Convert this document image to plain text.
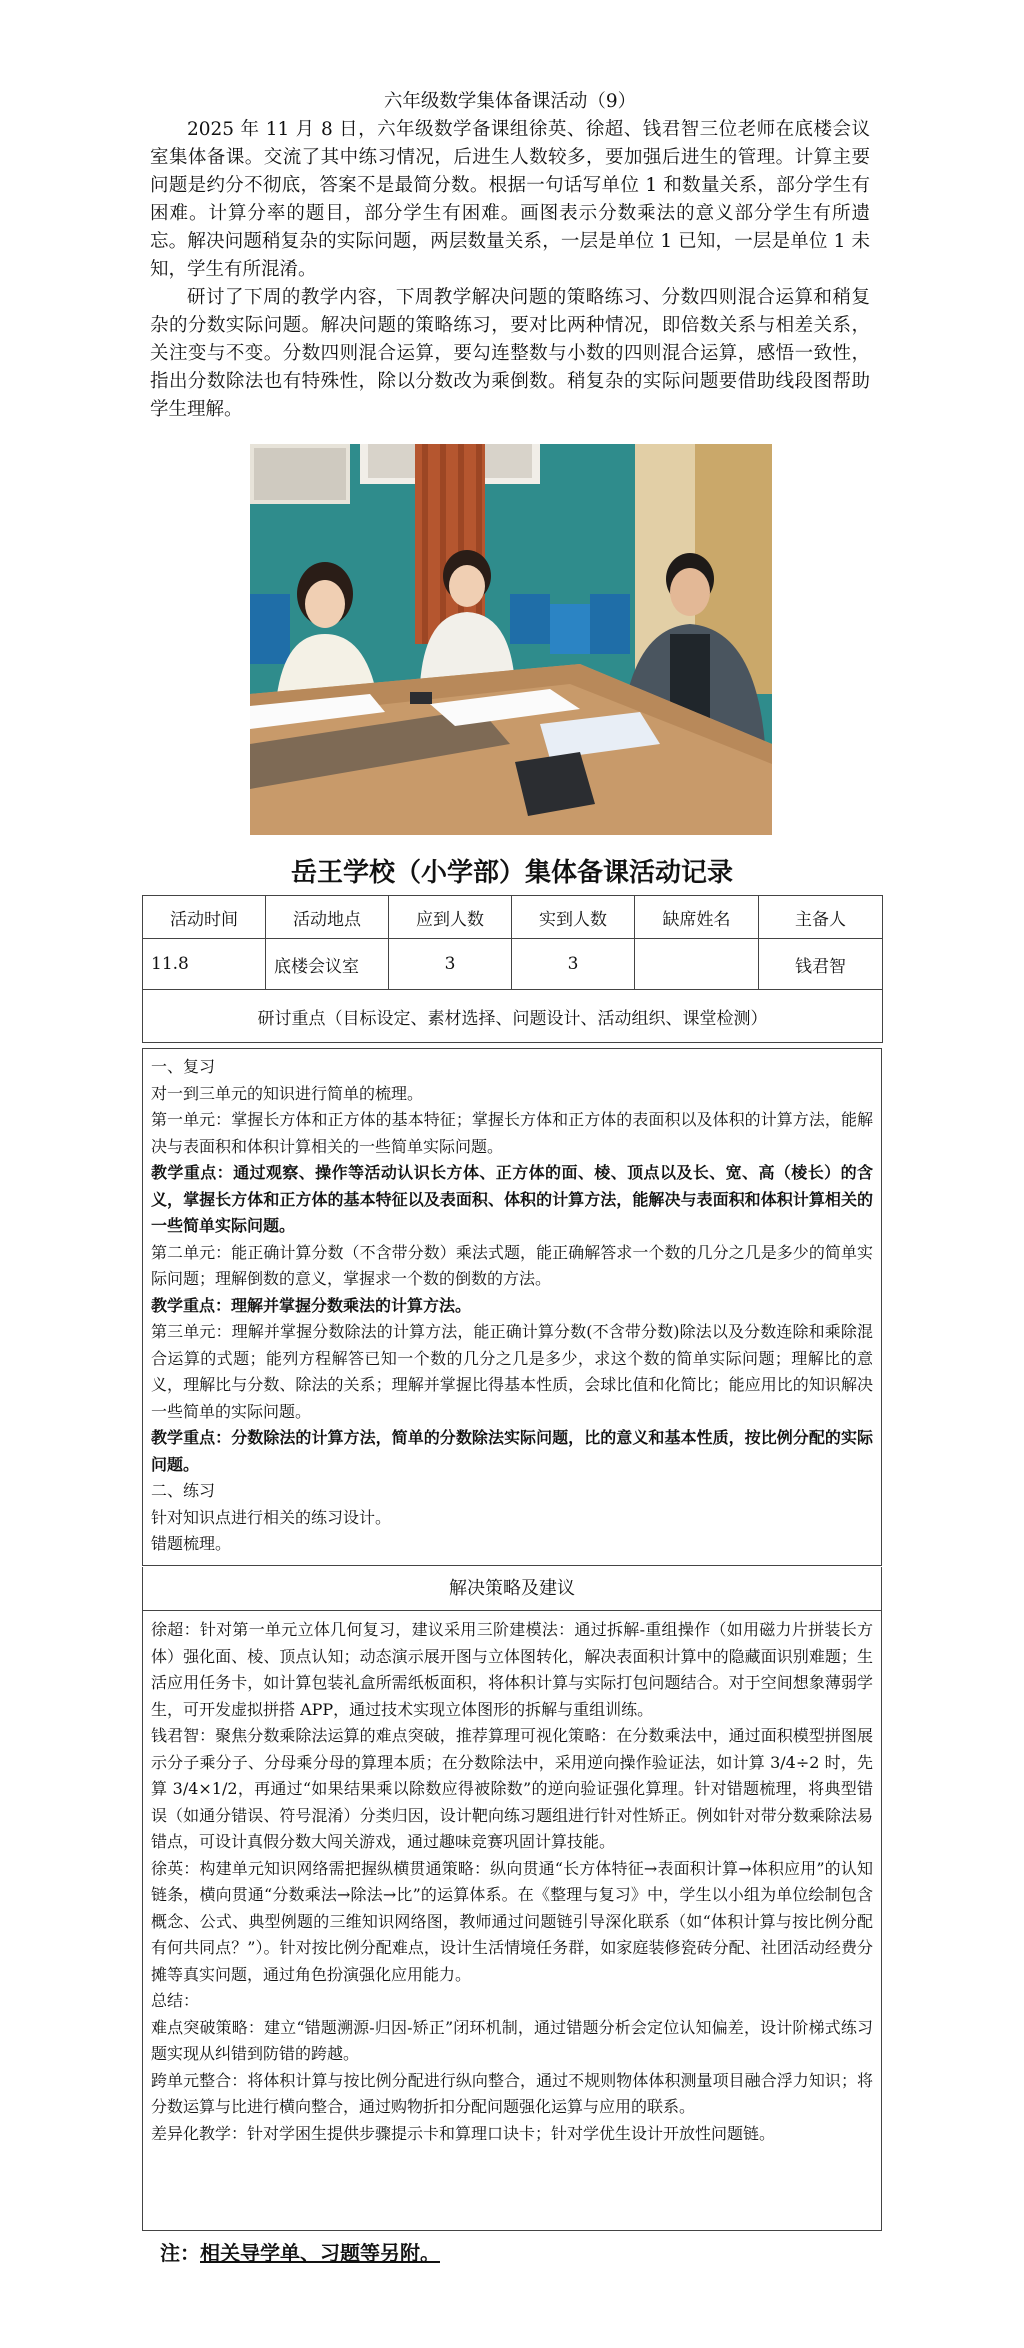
六年级数学集体备课活动（9）

2025 年 11 月 8 日，六年级数学备课组徐英、徐超、钱君智三位老师在底楼会议室集体备课。交流了其中练习情况，后进生人数较多，要加强后进生的管理。计算主要问题是约分不彻底，答案不是最简分数。根据一句话写单位 1 和数量关系，部分学生有困难。计算分率的题目，部分学生有困难。画图表示分数乘法的意义部分学生有所遗忘。解决问题稍复杂的实际问题，两层数量关系，一层是单位 1 已知，一层是单位 1 未知，学生有所混淆。

研讨了下周的教学内容，下周教学解决问题的策略练习、分数四则混合运算和稍复杂的分数实际问题。解决问题的策略练习，要对比两种情况，即倍数关系与相差关系，关注变与不变。分数四则混合运算，要勾连整数与小数的四则混合运算，感悟一致性，指出分数除法也有特殊性，除以分数改为乘倒数。稍复杂的实际问题要借助线段图帮助学生理解。

岳王学校（小学部）集体备课活动记录
活动时间	活动地点	应到人数	实到人数	缺席姓名	主备人
11.8	底楼会议室	3	3		钱君智
研讨重点（目标设定、素材选择、问题设计、活动组织、课堂检测）					

一、复习

对一到三单元的知识进行简单的梳理。

第一单元：掌握长方体和正方体的基本特征；掌握长方体和正方体的表面积以及体积的计算方法，能解决与表面积和体积计算相关的一些简单实际问题。

教学重点：通过观察、操作等活动认识长方体、正方体的面、棱、顶点以及长、宽、高（棱长）的含义，掌握长方体和正方体的基本特征以及表面积、体积的计算方法，能解决与表面积和体积计算相关的一些简单实际问题。

第二单元：能正确计算分数（不含带分数）乘法式题，能正确解答求一个数的几分之几是多少的简单实际问题；理解倒数的意义，掌握求一个数的倒数的方法。

教学重点：理解并掌握分数乘法的计算方法。

第三单元：理解并掌握分数除法的计算方法，能正确计算分数(不含带分数)除法以及分数连除和乘除混合运算的式题；能列方程解答已知一个数的几分之几是多少，求这个数的简单实际问题；理解比的意义，理解比与分数、除法的关系；理解并掌握比得基本性质，会球比值和化简比；能应用比的知识解决一些简单的实际问题。

教学重点：分数除法的计算方法，简单的分数除法实际问题，比的意义和基本性质，按比例分配的实际问题。

二、练习

针对知识点进行相关的练习设计。

错题梳理。

解决策略及建议

徐超：针对第一单元立体几何复习，建议采用三阶建模法：通过拆解-重组操作（如用磁力片拼装长方体）强化面、棱、顶点认知；动态演示展开图与立体图转化，解决表面积计算中的隐藏面识别难题；生活应用任务卡，如计算包装礼盒所需纸板面积，将体积计算与实际打包问题结合。对于空间想象薄弱学生，可开发虚拟拼搭 APP，通过技术实现立体图形的拆解与重组训练。

钱君智：聚焦分数乘除法运算的难点突破，推荐算理可视化策略：在分数乘法中，通过面积模型拼图展示分子乘分子、分母乘分母的算理本质；在分数除法中，采用逆向操作验证法，如计算 3/4÷2 时，先算 3/4×1/2，再通过“如果结果乘以除数应得被除数”的逆向验证强化算理。针对错题梳理，将典型错误（如通分错误、符号混淆）分类归因，设计靶向练习题组进行针对性矫正。例如针对带分数乘除法易错点，可设计真假分数大闯关游戏，通过趣味竞赛巩固计算技能。

徐英：构建单元知识网络需把握纵横贯通策略：纵向贯通“长方体特征→表面积计算→体积应用”的认知链条，横向贯通“分数乘法→除法→比”的运算体系。在《整理与复习》中，学生以小组为单位绘制包含概念、公式、典型例题的三维知识网络图，教师通过问题链引导深化联系（如“体积计算与按比例分配有何共同点？”）。针对按比例分配难点，设计生活情境任务群，如家庭装修瓷砖分配、社团活动经费分摊等真实问题，通过角色扮演强化应用能力。

总结：

难点突破策略：建立“错题溯源-归因-矫正”闭环机制，通过错题分析会定位认知偏差，设计阶梯式练习题实现从纠错到防错的跨越。

跨单元整合：将体积计算与按比例分配进行纵向整合，通过不规则物体体积测量项目融合浮力知识；将分数运算与比进行横向整合，通过购物折扣分配问题强化运算与应用的联系。

差异化教学：针对学困生提供步骤提示卡和算理口诀卡；针对学优生设计开放性问题链。

注：相关导学单、习题等另附。
